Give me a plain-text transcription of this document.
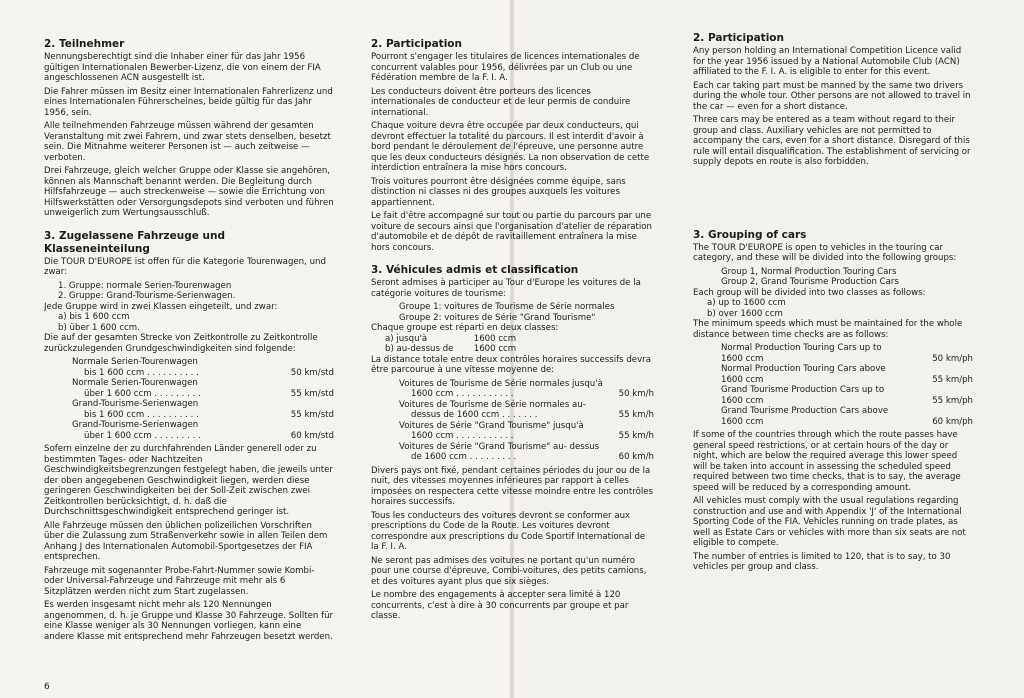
2. Teilnehmer

Nennungsberechtigt sind die Inhaber einer für das Jahr 1956 gültigen Internationalen Bewerber-Lizenz, die von einem der FIA angeschlossenen ACN ausgestellt ist.

Die Fahrer müssen im Besitz einer Internationalen Fahrerlizenz und eines Internationalen Führerscheines, beide gültig für das Jahr 1956, sein.

Alle teilnehmenden Fahrzeuge müssen während der gesamten Veranstaltung mit zwei Fahrern, und zwar stets denselben, besetzt sein. Die Mitnahme weiterer Personen ist — auch zeitweise — verboten.

Drei Fahrzeuge, gleich welcher Gruppe oder Klasse sie angehören, können als Mannschaft benannt werden. Die Begleitung durch Hilfsfahrzeuge — auch streckenweise — sowie die Errichtung von Hilfswerkstätten oder Versorgungsdepots sind verboten und führen unweigerlich zum Wertungsausschluß.

3. Zugelassene Fahrzeuge und Klasseneinteilung

Die TOUR D'EUROPE ist offen für die Kategorie Tourenwagen, und zwar:

1. Gruppe: normale Serien-Tourenwagen
2. Gruppe: Grand-Tourisme-Serienwagen.
Jede Gruppe wird in zwei Klassen eingeteilt, und zwar:
a) bis 1 600 ccm
b) über 1 600 ccm.

Die auf der gesamten Strecke von Zeitkontrolle zu Zeitkontrolle zurückzulegenden Grundgeschwindigkeiten sind folgende:

Normale Serien-Tourenwagen
bis 1 600 ccm . . . . . . . . . .	50 km/std
Normale Serien-Tourenwagen
über 1 600 ccm . . . . . . . . .	55 km/std
Grand-Tourisme-Serienwagen
bis 1 600 ccm . . . . . . . . . .	55 km/std
Grand-Tourisme-Serienwagen
über 1 600 ccm . . . . . . . . .	60 km/std

Sofern einzelne der zu durchfahrenden Länder generell oder zu bestimmten Tages- oder Nachtzeiten Geschwindigkeitsbegrenzungen festgelegt haben, die jeweils unter der oben angegebenen Geschwindigkeit liegen, werden diese geringeren Geschwindigkeiten bei der Soll-Zeit zwischen zwei Zeitkontrollen berücksichtigt, d. h. daß die Durchschnittsgeschwindigkeit entsprechend geringer ist.

Alle Fahrzeuge müssen den üblichen polizeilichen Vorschriften über die Zulassung zum Straßenverkehr sowie in allen Teilen dem Anhang J des Internationalen Automobil-Sportgesetzes der FIA entsprechen.

Fahrzeuge mit sogenannter Probe-Fahrt-Nummer sowie Kombi- oder Universal-Fahrzeuge und Fahrzeuge mit mehr als 6 Sitzplätzen werden nicht zum Start zugelassen.

Es werden insgesamt nicht mehr als 120 Nennungen angenommen, d. h. je Gruppe und Klasse 30 Fahrzeuge. Sollten für eine Klasse weniger als 30 Nennungen vorliegen, kann eine andere Klasse mit entsprechend mehr Fahrzeugen besetzt werden.

2. Participation

Pourront s'engager les titulaires de licences internationales de concurrent valables pour 1956, délivrées par un Club ou une Fédération membre de la F. I. A.

Les conducteurs doivent être porteurs des licences internationales de conducteur et de leur permis de conduire international.

Chaque voiture devra être occupée par deux conducteurs, qui devront effectuer la totalité du parcours. Il est interdit d'avoir à bord pendant le déroulement de l'épreuve, une personne autre que les deux conducteurs désignés. La non observation de cette interdiction entraînera la mise hors concours.

Trois voitures pourront être désignées comme équipe, sans distinction ni classes ni des groupes auxquels les voitures appartiennent.

Le fait d'être accompagné sur tout ou partie du parcours par une voiture de secours ainsi que l'organisation d'atelier de réparation d'automobile et de dépôt de ravitaillement entraînera la mise hors concours.

3. Véhicules admis et classification

Seront admises à participer au Tour d'Europe les voitures de la catégorie voitures de tourisme:

Groupe 1: voitures de Tourisme de Série normales
Groupe 2: voitures de Série "Grand Tourisme"
Chaque groupe est réparti en deux classes:
a) jusqu'à	1600 ccm
b) au-dessus de 1600 ccm

La distance totale entre deux contrôles horaires successifs devra être parcourue à une vitesse moyenne de:

Voitures de Tourisme de Série normales jusqu'à
1600 ccm . . . . . . . . . . .	50 km/h
Voitures de Tourisme de Série normales au-
dessus de 1600 ccm . . . . . . .	55 km/h
Voitures de Série "Grand Tourisme" jusqu'à
1600 ccm . . . . . . . . . . .	55 km/h
Voitures de Série "Grand Tourisme" au- dessus
de 1600 ccm . . . . . . . . .	60 km/h

Divers pays ont fixé, pendant certaines périodes du jour ou de la nuit, des vitesses moyennes inférieures par rapport à celles imposées on respectera cette vitesse moindre entre les contrôles horaires successifs.

Tous les conducteurs des voitures devront se conformer aux prescriptions du Code de la Route. Les voitures devront correspondre aux prescriptions du Code Sportif International de la F. I. A.

Ne seront pas admises des voitures ne portant qu'un numéro pour une course d'épreuve, Combi-voitures, des petits camions, et des voitures ayant plus que six sièges.

Le nombre des engagements à accepter sera limité à 120 concurrents, c'est à dire à 30 concurrents par groupe et par classe.

2. Participation

Any person holding an International Competition Licence valid for the year 1956 issued by a National Automobile Club (ACN) affiliated to the F. I. A. is eligible to enter for this event.

Each car taking part must be manned by the same two drivers during the whole tour. Other persons are not allowed to travel in the car — even for a short distance.

Three cars may be entered as a team without regard to their group and class. Auxiliary vehicles are not permitted to accompany the cars, even for a short distance. Disregard of this rule will entail disqualification. The establishment of servicing or supply depots en route is also forbidden.

3. Grouping of cars

The TOUR D'EUROPE is open to vehicles in the touring car category, and these will be divided into the following groups:

Group 1, Normal Production Touring Cars
Group 2, Grand Tourisme Production Cars
Each group will be divided into two classes as follows:
a) up to 1600 ccm
b) over 1600 ccm

The minimum speeds which must be maintained for the whole distance between time checks are as follows:

Normal Production Touring Cars up to
1600 ccm	50 km/ph
Normal Production Touring Cars above
1600 ccm	55 km/ph
Grand Tourisme Production Cars up to
1600 ccm	55 km/ph
Grand Tourisme Production Cars above
1600 ccm	60 km/ph

If some of the countries through which the route passes have general speed restrictions, or at certain hours of the day or night, which are below the required average this lower speed will be taken into account in assessing the scheduled speed required between two time checks, that is to say, the average speed will be reduced by a corresponding amount.

All vehicles must comply with the usual regulations regarding construction and use and with Appendix 'J' of the International Sporting Code of the FIA. Vehicles running on trade plates, as well as Estate Cars or vehicles with more than six seats are not eligible to compete.

The number of entries is limited to 120, that is to say, to 30 vehicles per group and class.

6
